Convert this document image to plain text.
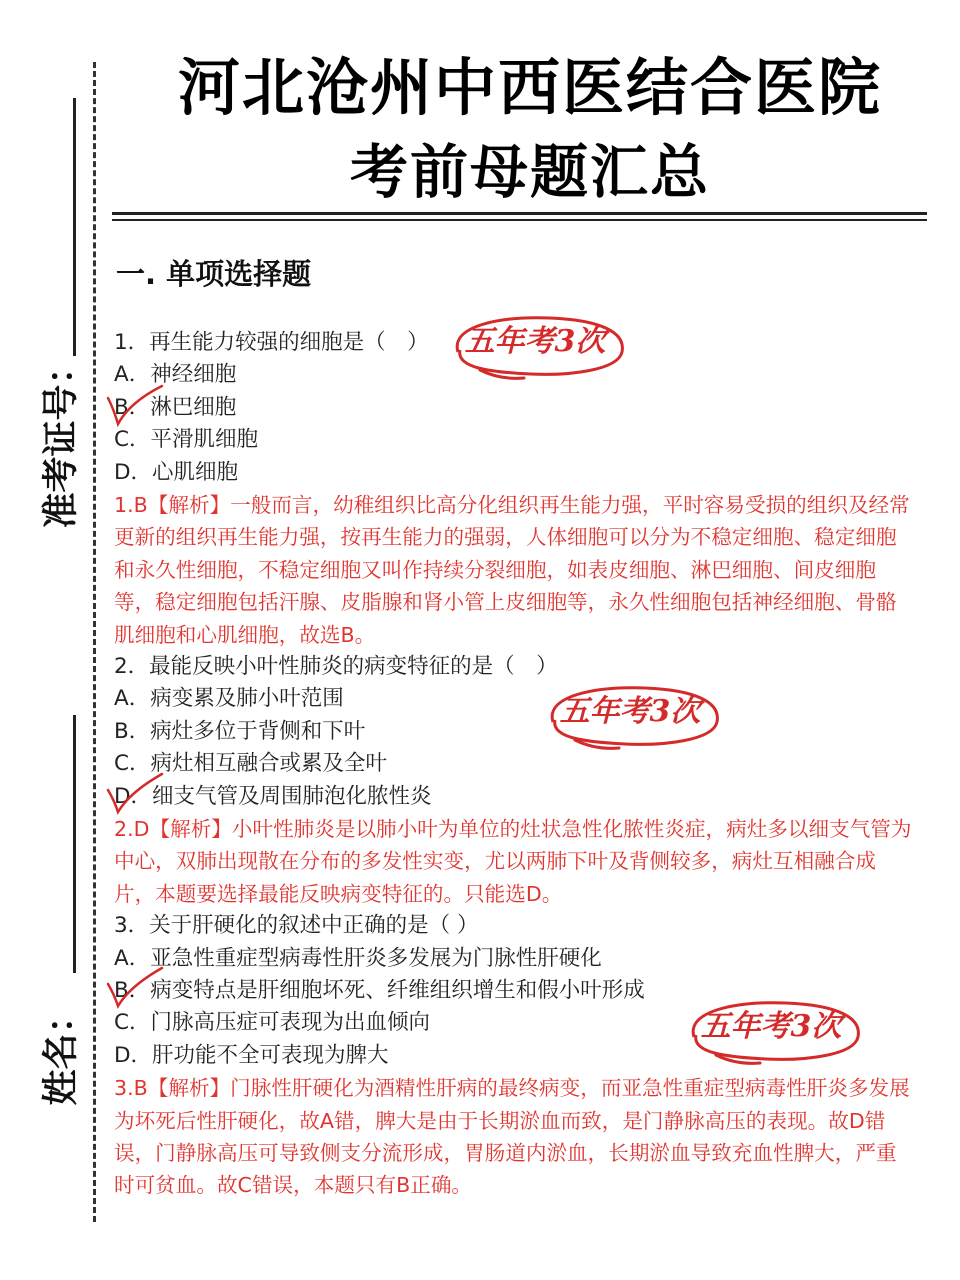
准考证号：
姓名：
河北沧州中西医结合医院
考前母题汇总
一. 单项选择题
1．再生能力较强的细胞是（　）
A．神经细胞
B．淋巴细胞
C．平滑肌细胞
D．心肌细胞
1.B【解析】一般而言，幼稚组织比高分化组织再生能力强，平时容易受损的组织及经常更新的组织再生能力强，按再生能力的强弱，人体细胞可以分为不稳定细胞、稳定细胞和永久性细胞，不稳定细胞又叫作持续分裂细胞，如表皮细胞、淋巴细胞、间皮细胞等，稳定细胞包括汗腺、皮脂腺和肾小管上皮细胞等，永久性细胞包括神经细胞、骨骼肌细胞和心肌细胞，故选B。
2．最能反映小叶性肺炎的病变特征的是（　）
A．病变累及肺小叶范围
B．病灶多位于背侧和下叶
C．病灶相互融合或累及全叶
D．细支气管及周围肺泡化脓性炎
2.D【解析】小叶性肺炎是以肺小叶为单位的灶状急性化脓性炎症，病灶多以细支气管为中心，双肺出现散在分布的多发性实变，尤以两肺下叶及背侧较多，病灶互相融合成片，本题要选择最能反映病变特征的。只能选D。
3．关于肝硬化的叙述中正确的是（ ）
A．亚急性重症型病毒性肝炎多发展为门脉性肝硬化
B．病变特点是肝细胞坏死、纤维组织增生和假小叶形成
C．门脉高压症可表现为出血倾向
D．肝功能不全可表现为脾大
3.B【解析】门脉性肝硬化为酒精性肝病的最终病变，而亚急性重症型病毒性肝炎多发展为坏死后性肝硬化，故A错，脾大是由于长期淤血而致，是门静脉高压的表现。故D错误，门静脉高压可导致侧支分流形成，胃肠道内淤血，长期淤血导致充血性脾大，严重时可贫血。故C错误，本题只有B正确。
五年考3次
五年考3次
五年考3次
